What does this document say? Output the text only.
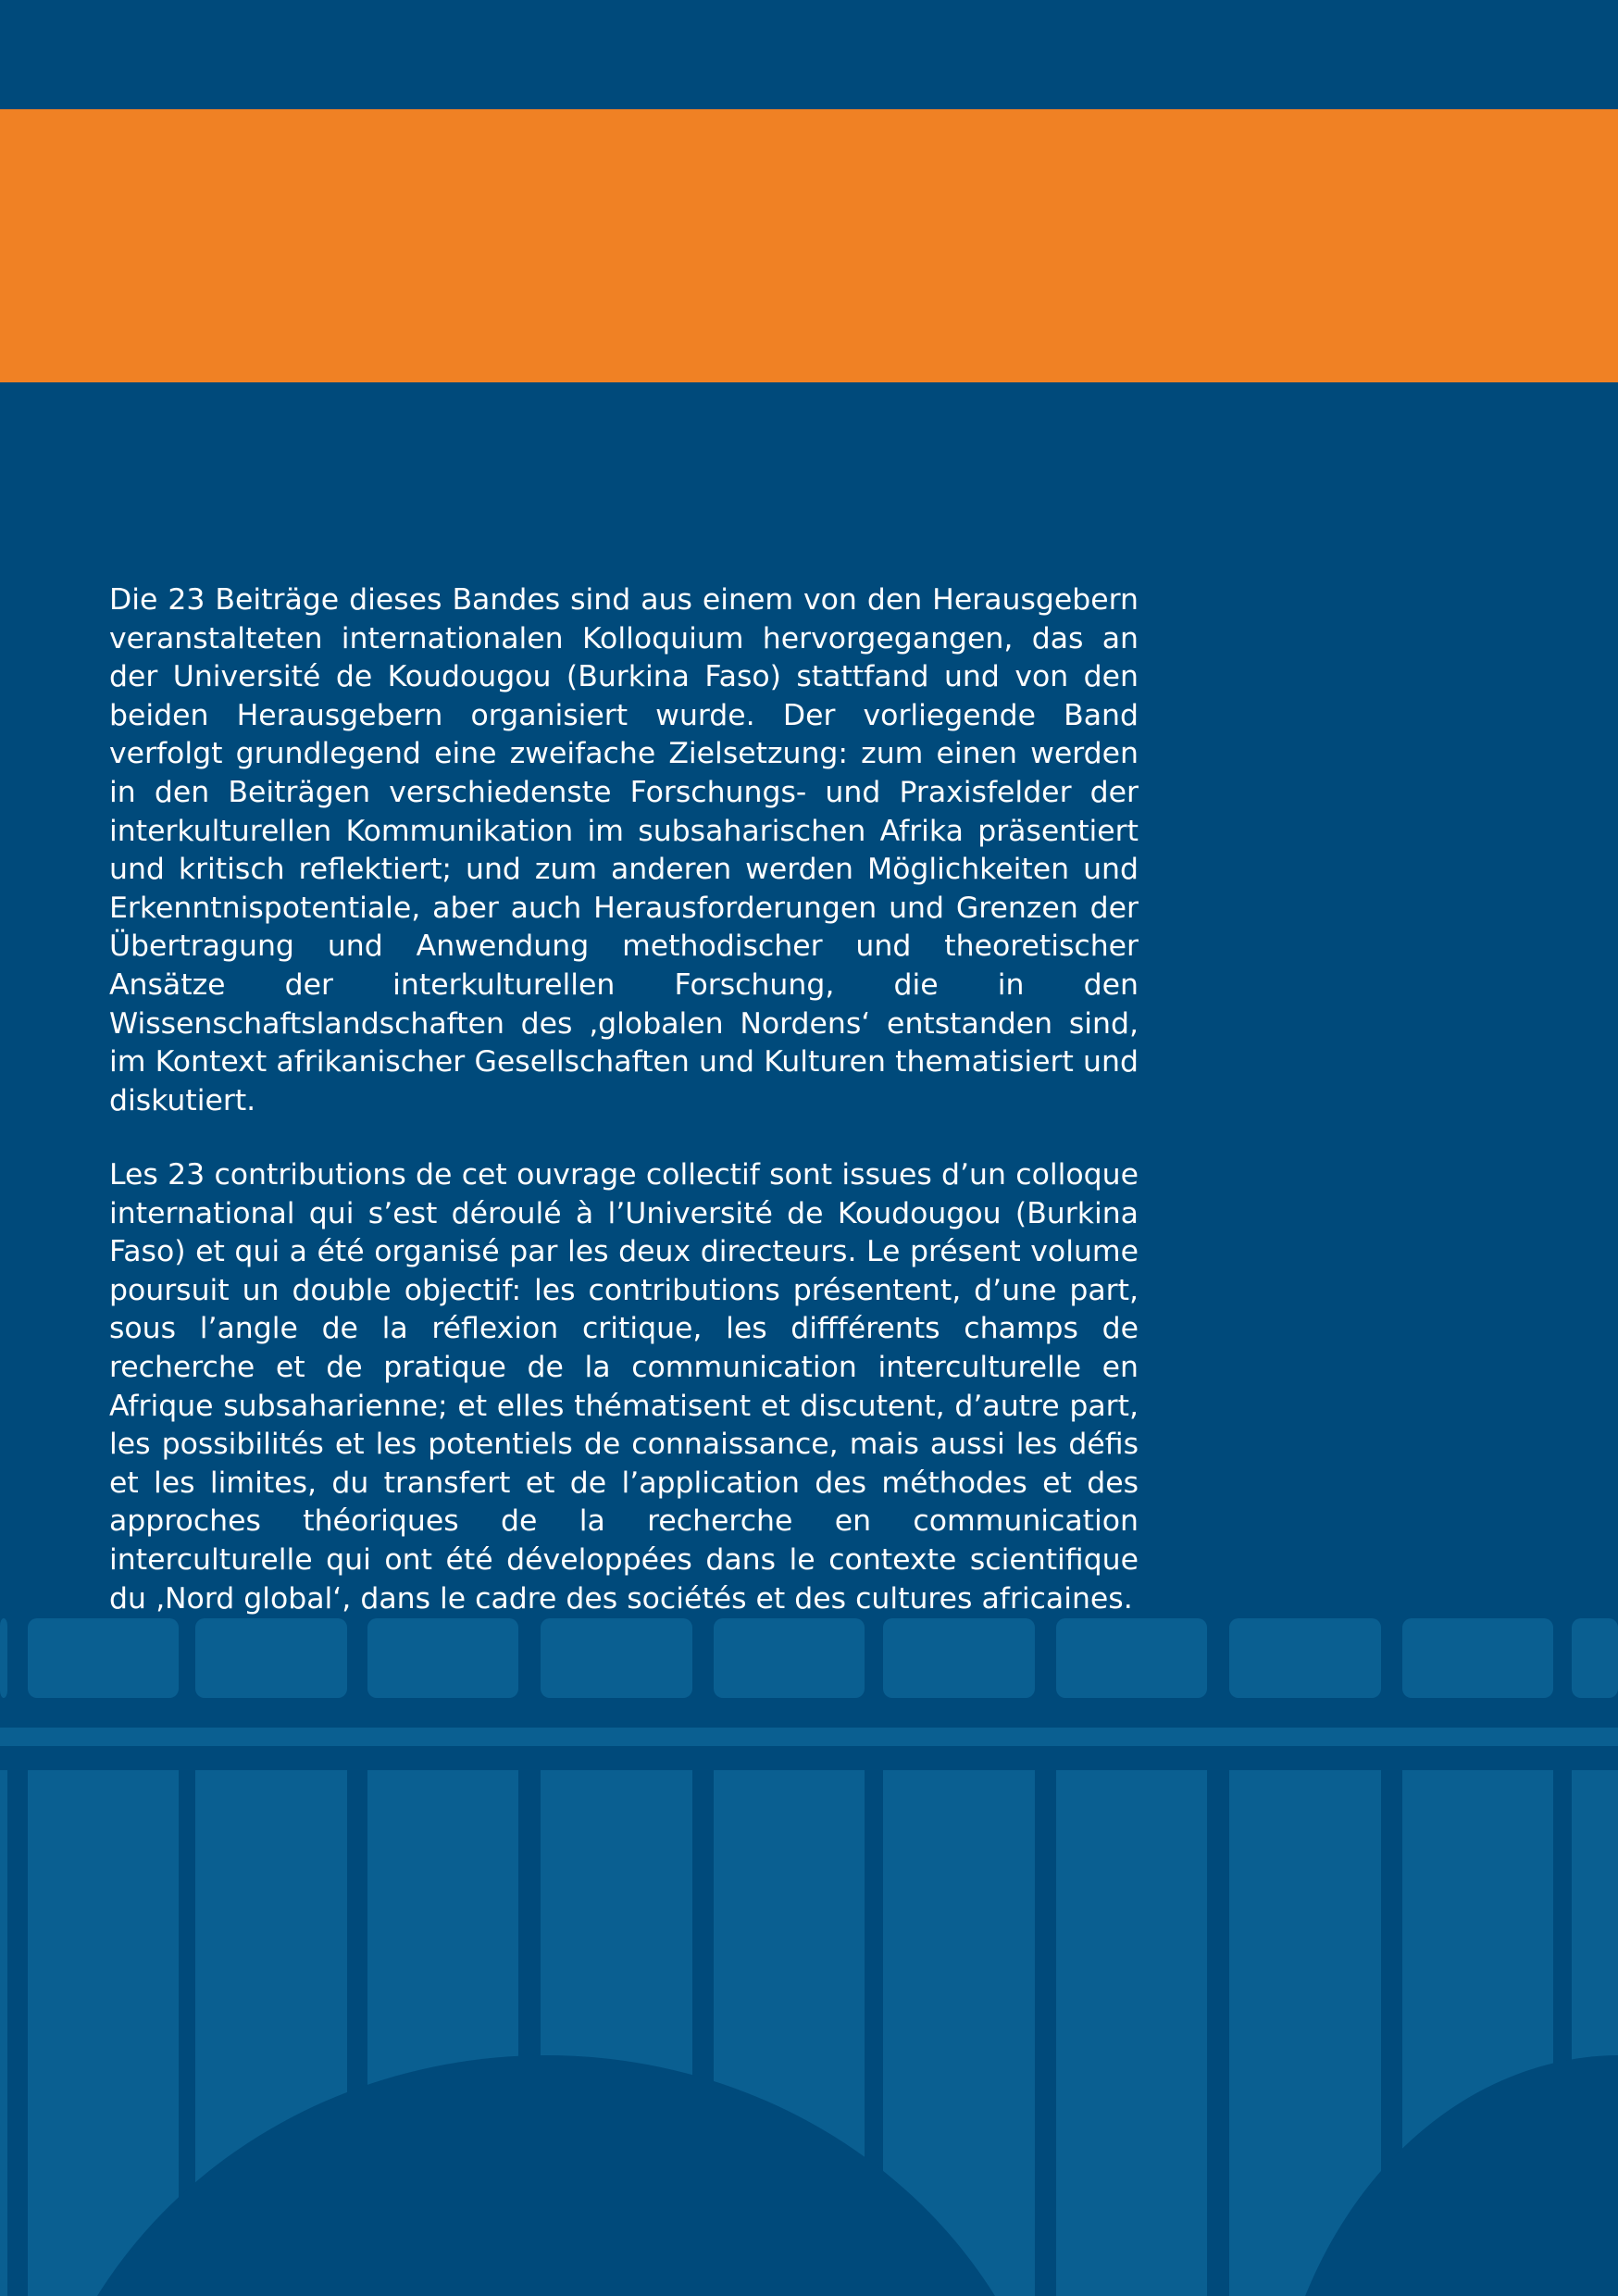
Die 23 Beiträge dieses Bandes sind aus einem von den Herausgebern veranstalteten internationalen Kolloquium hervorgegangen, das an der Université de Koudougou (Burkina Faso) stattfand und von den beiden Herausgebern organisiert wurde. Der vorliegende Band verfolgt grundlegend eine zweifache Zielsetzung: zum einen werden in den Beiträgen verschiedenste Forschungs- und Praxisfelder der interkulturellen Kommunikation im subsaharischen Afrika präsentiert und kritisch reflektiert; und zum anderen werden Möglichkeiten und Erkenntnispotentiale, aber auch Herausforderungen und Grenzen der Übertragung und Anwendung methodischer und theoretischer Ansätze der interkulturellen Forschung, die in den Wissenschaftslandschaften des ‚globalen Nordens‘ entstanden sind, im Kontext afrikanischer Gesellschaften und Kulturen thematisiert und diskutiert.

Les 23 contributions de cet ouvrage collectif sont issues d’un colloque international qui s’est déroulé à l’Université de Koudougou (Burkina Faso) et qui a été organisé par les deux directeurs. Le présent volume poursuit un double objectif: les contributions présentent, d’une part, sous l’angle de la réflexion critique, les diffférents champs de recherche et de pratique de la communication interculturelle en Afrique subsaharienne; et elles thématisent et discutent, d’autre part, les possibilités et les potentiels de connaissance, mais aussi les défis et les limites, du transfert et de l’application des méthodes et des approches théoriques de la recherche en communication interculturelle qui ont été développées dans le contexte scientifique du ‚Nord global‘, dans le cadre des sociétés et des cultures africaines.
